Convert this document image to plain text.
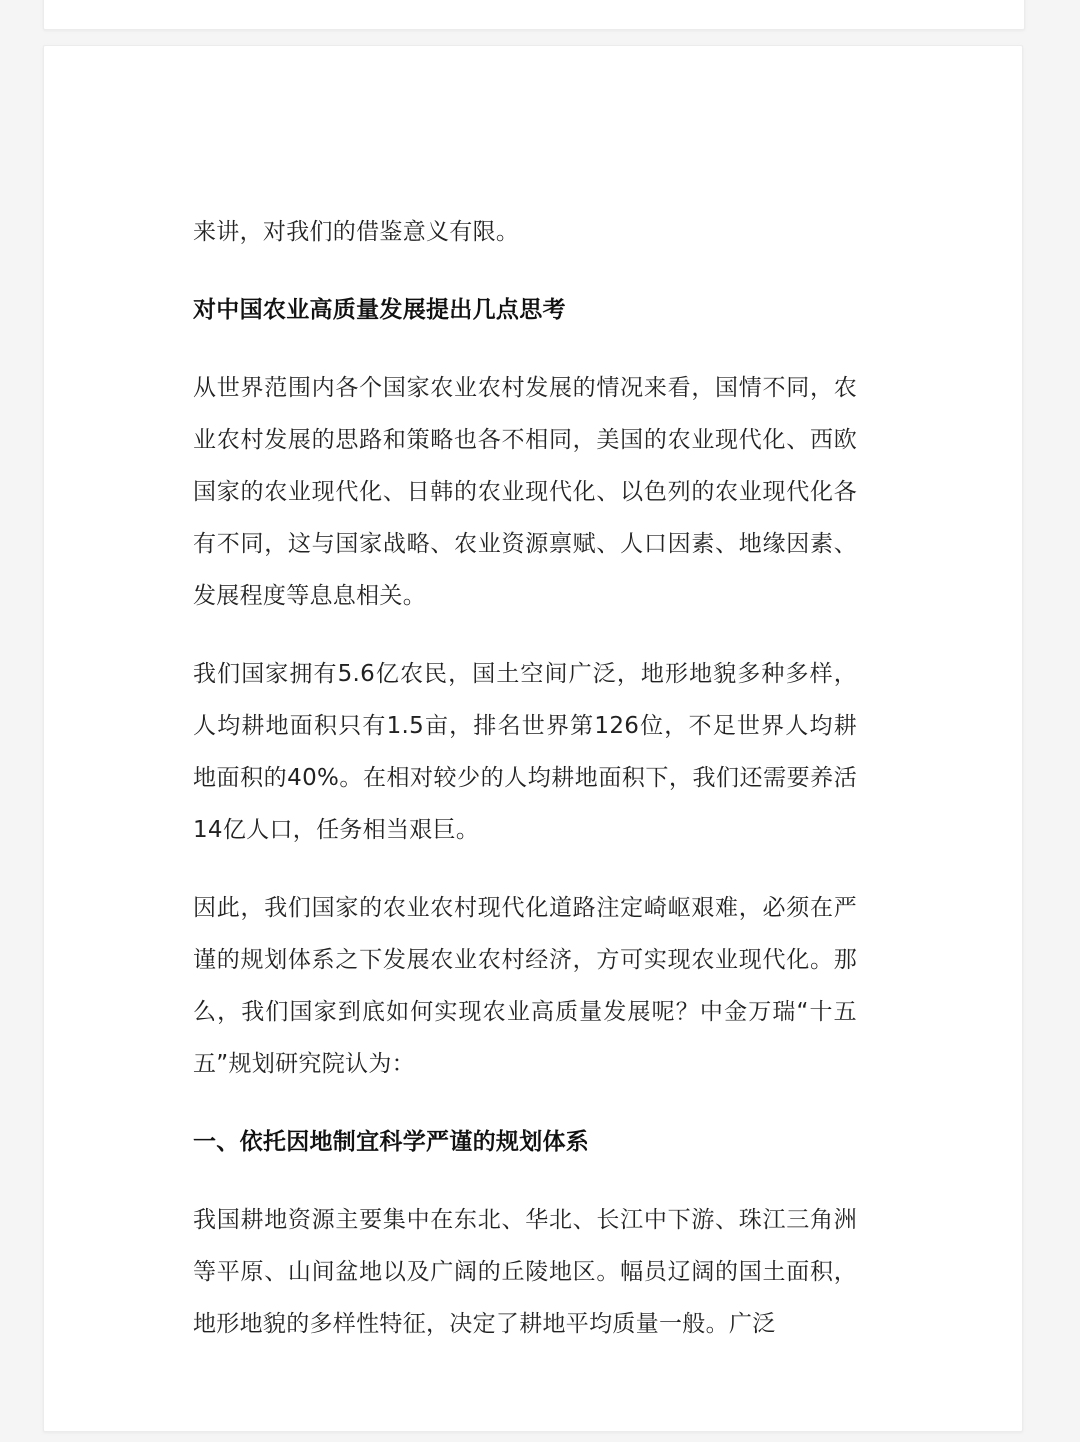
来讲，对我们的借鉴意义有限。

对中国农业高质量发展提出几点思考

从世界范围内各个国家农业农村发展的情况来看，国情不同，农业农村发展的思路和策略也各不相同，美国的农业现代化、西欧国家的农业现代化、日韩的农业现代化、以色列的农业现代化各有不同，这与国家战略、农业资源禀赋、人口因素、地缘因素、发展程度等息息相关。

我们国家拥有5.6亿农民，国土空间广泛，地形地貌多种多样，人均耕地面积只有1.5亩，排名世界第126位，不足世界人均耕地面积的40%。在相对较少的人均耕地面积下，我们还需要养活14亿人口，任务相当艰巨。

因此，我们国家的农业农村现代化道路注定崎岖艰难，必须在严谨的规划体系之下发展农业农村经济，方可实现农业现代化。那么，我们国家到底如何实现农业高质量发展呢？中金万瑞“十五五”规划研究院认为：

一、依托因地制宜科学严谨的规划体系

我国耕地资源主要集中在东北、华北、长江中下游、珠江三角洲等平原、山间盆地以及广阔的丘陵地区。幅员辽阔的国土面积，地形地貌的多样性特征，决定了耕地平均质量一般。广泛
